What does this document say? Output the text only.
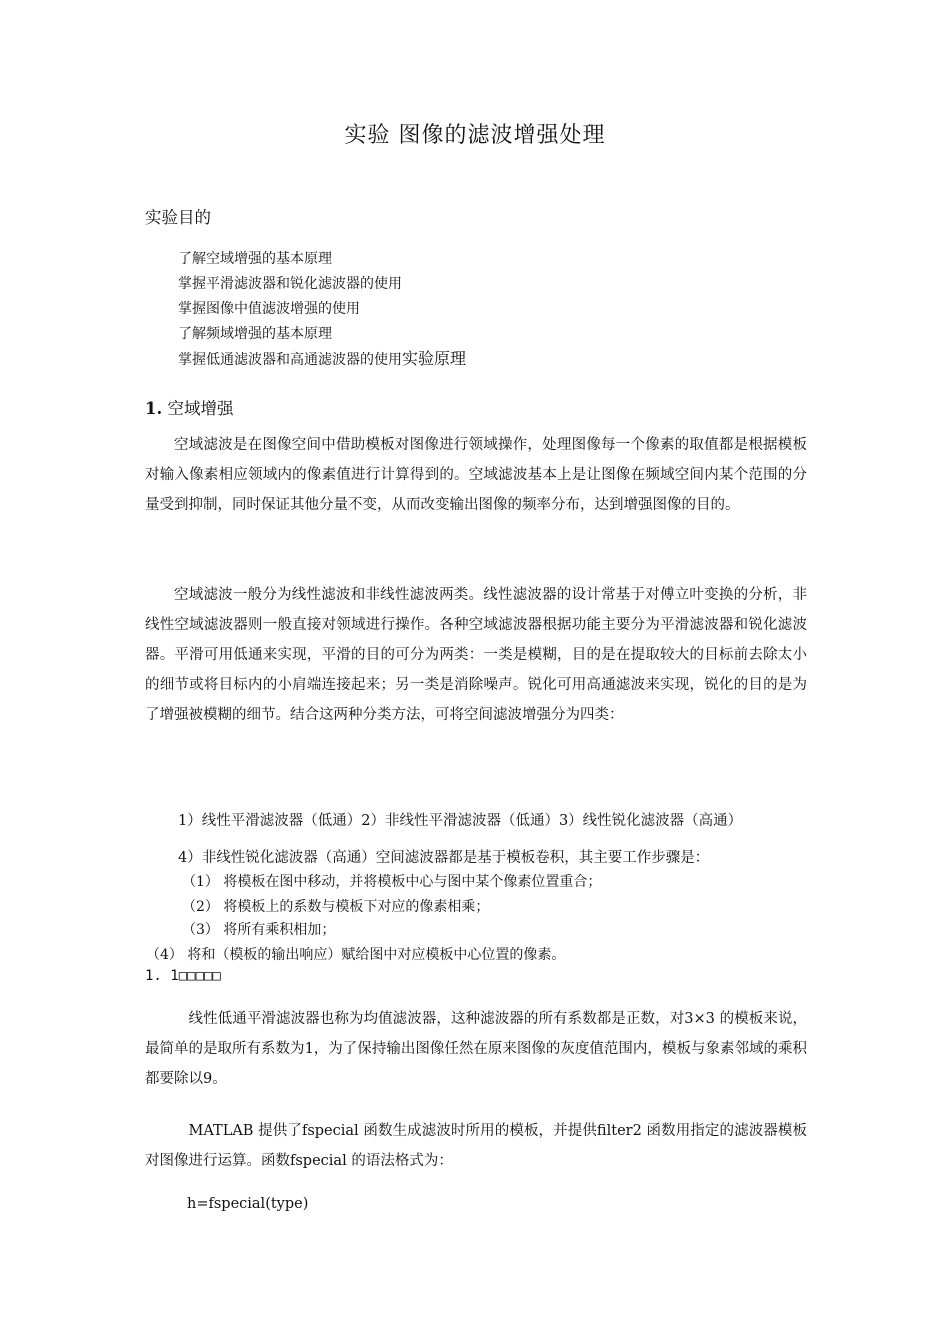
实验 图像的滤波增强处理
实验目的
了解空域增强的基本原理
掌握平滑滤波器和锐化滤波器的使用
掌握图像中值滤波增强的使用
了解频域增强的基本原理
掌握低通滤波器和高通滤波器的使用实验原理
1. 空域增强

空域滤波是在图像空间中借助模板对图像进行领域操作，处理图像每一个像素的取值都是根据模板对输入像素相应领域内的像素值进行计算得到的。空域滤波基本上是让图像在频域空间内某个范围的分量受到抑制，同时保证其他分量不变，从而改变输出图像的频率分布，达到增强图像的目的。

空域滤波一般分为线性滤波和非线性滤波两类。线性滤波器的设计常基于对傅立叶变换的分析，非线性空域滤波器则一般直接对领域进行操作。各种空域滤波器根据功能主要分为平滑滤波器和锐化滤波器。平滑可用低通来实现，平滑的目的可分为两类：一类是模糊，目的是在提取较大的目标前去除太小的细节或将目标内的小肩端连接起来；另一类是消除噪声。锐化可用高通滤波来实现，锐化的目的是为了增强被模糊的细节。结合这两种分类方法，可将空间滤波增强分为四类：

1）线性平滑滤波器（低通）2）非线性平滑滤波器（低通）3）线性锐化滤波器（高通）
4）非线性锐化滤波器（高通）空间滤波器都是基于模板卷积，其主要工作步骤是：
（1） 将模板在图中移动，并将模板中心与图中某个像素位置重合；
（2） 将模板上的系数与模板下对应的像素相乘；
（3） 将所有乘积相加；
（4） 将和（模板的输出响应）赋给图中对应模板中心位置的像素。
1. 1□□□□□

线性低通平滑滤波器也称为均值滤波器，这种滤波器的所有系数都是正数，对3×3 的模板来说，最简单的是取所有系数为1，为了保持输出图像任然在原来图像的灰度值范围内，模板与象素邻域的乘积都要除以9。

MATLAB 提供了fspecial 函数生成滤波时所用的模板，并提供filter2 函数用指定的滤波器模板对图像进行运算。函数fspecial 的语法格式为：

h=fspecial(type)
